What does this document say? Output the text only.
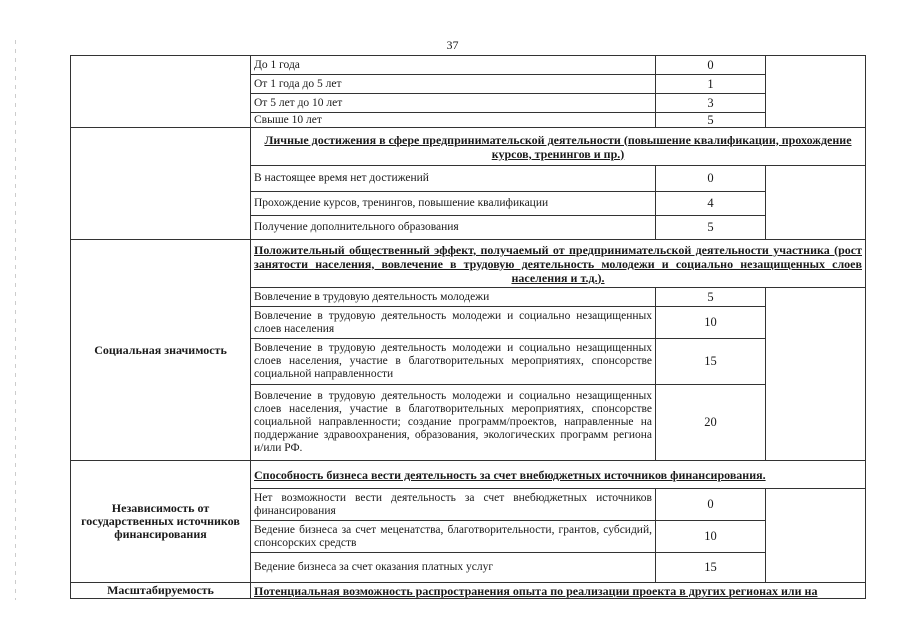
37
	До 1 года	0	
	От 1 года до 5 лет	1	
	От 5 лет до 10 лет	3	
	Свыше 10 лет	5	
	Личные достижения в сфере предпринимательской деятельности (повышение квалификации, прохождение курсов, тренингов и пр.)		
	В настоящее время нет достижений	0	
	Прохождение курсов, тренингов, повышение квалификации	4	
	Получение дополнительного образования	5	
Социальная значимость	Положительный общественный эффект, получаемый от предпринимательской деятельности участника (рост занятости населения, вовлечение в трудовую деятельность молодежи и социально незащищенных слоев населения и т.д.).		
	Вовлечение в трудовую деятельность молодежи	5	
	Вовлечение в трудовую деятельность молодежи и социально незащищенных слоев населения	10	
	Вовлечение в трудовую деятельность молодежи и социально незащищенных слоев населения, участие в благотворительных мероприятиях, спонсорстве социальной направленности	15	
	Вовлечение в трудовую деятельность молодежи и социально незащищенных слоев населения, участие в благотворительных мероприятиях, спонсорстве социальной направленности; создание программ/проектов, направленные на поддержание здравоохранения, образования, экологических программ региона и/или РФ.	20	
Независимость от государственных источников финансирования	Способность бизнеса вести деятельность за счет внебюджетных источников финансирования.		
	Нет возможности вести деятельность за счет внебюджетных источников финансирования	0	
	Ведение бизнеса за счет меценатства, благотворительности, грантов, субсидий, спонсорских средств	10	
	Ведение бизнеса за счет оказания платных услуг	15	
Масштабируемость	Потенциальная возможность распространения опыта по реализации проекта в других регионах или на		
